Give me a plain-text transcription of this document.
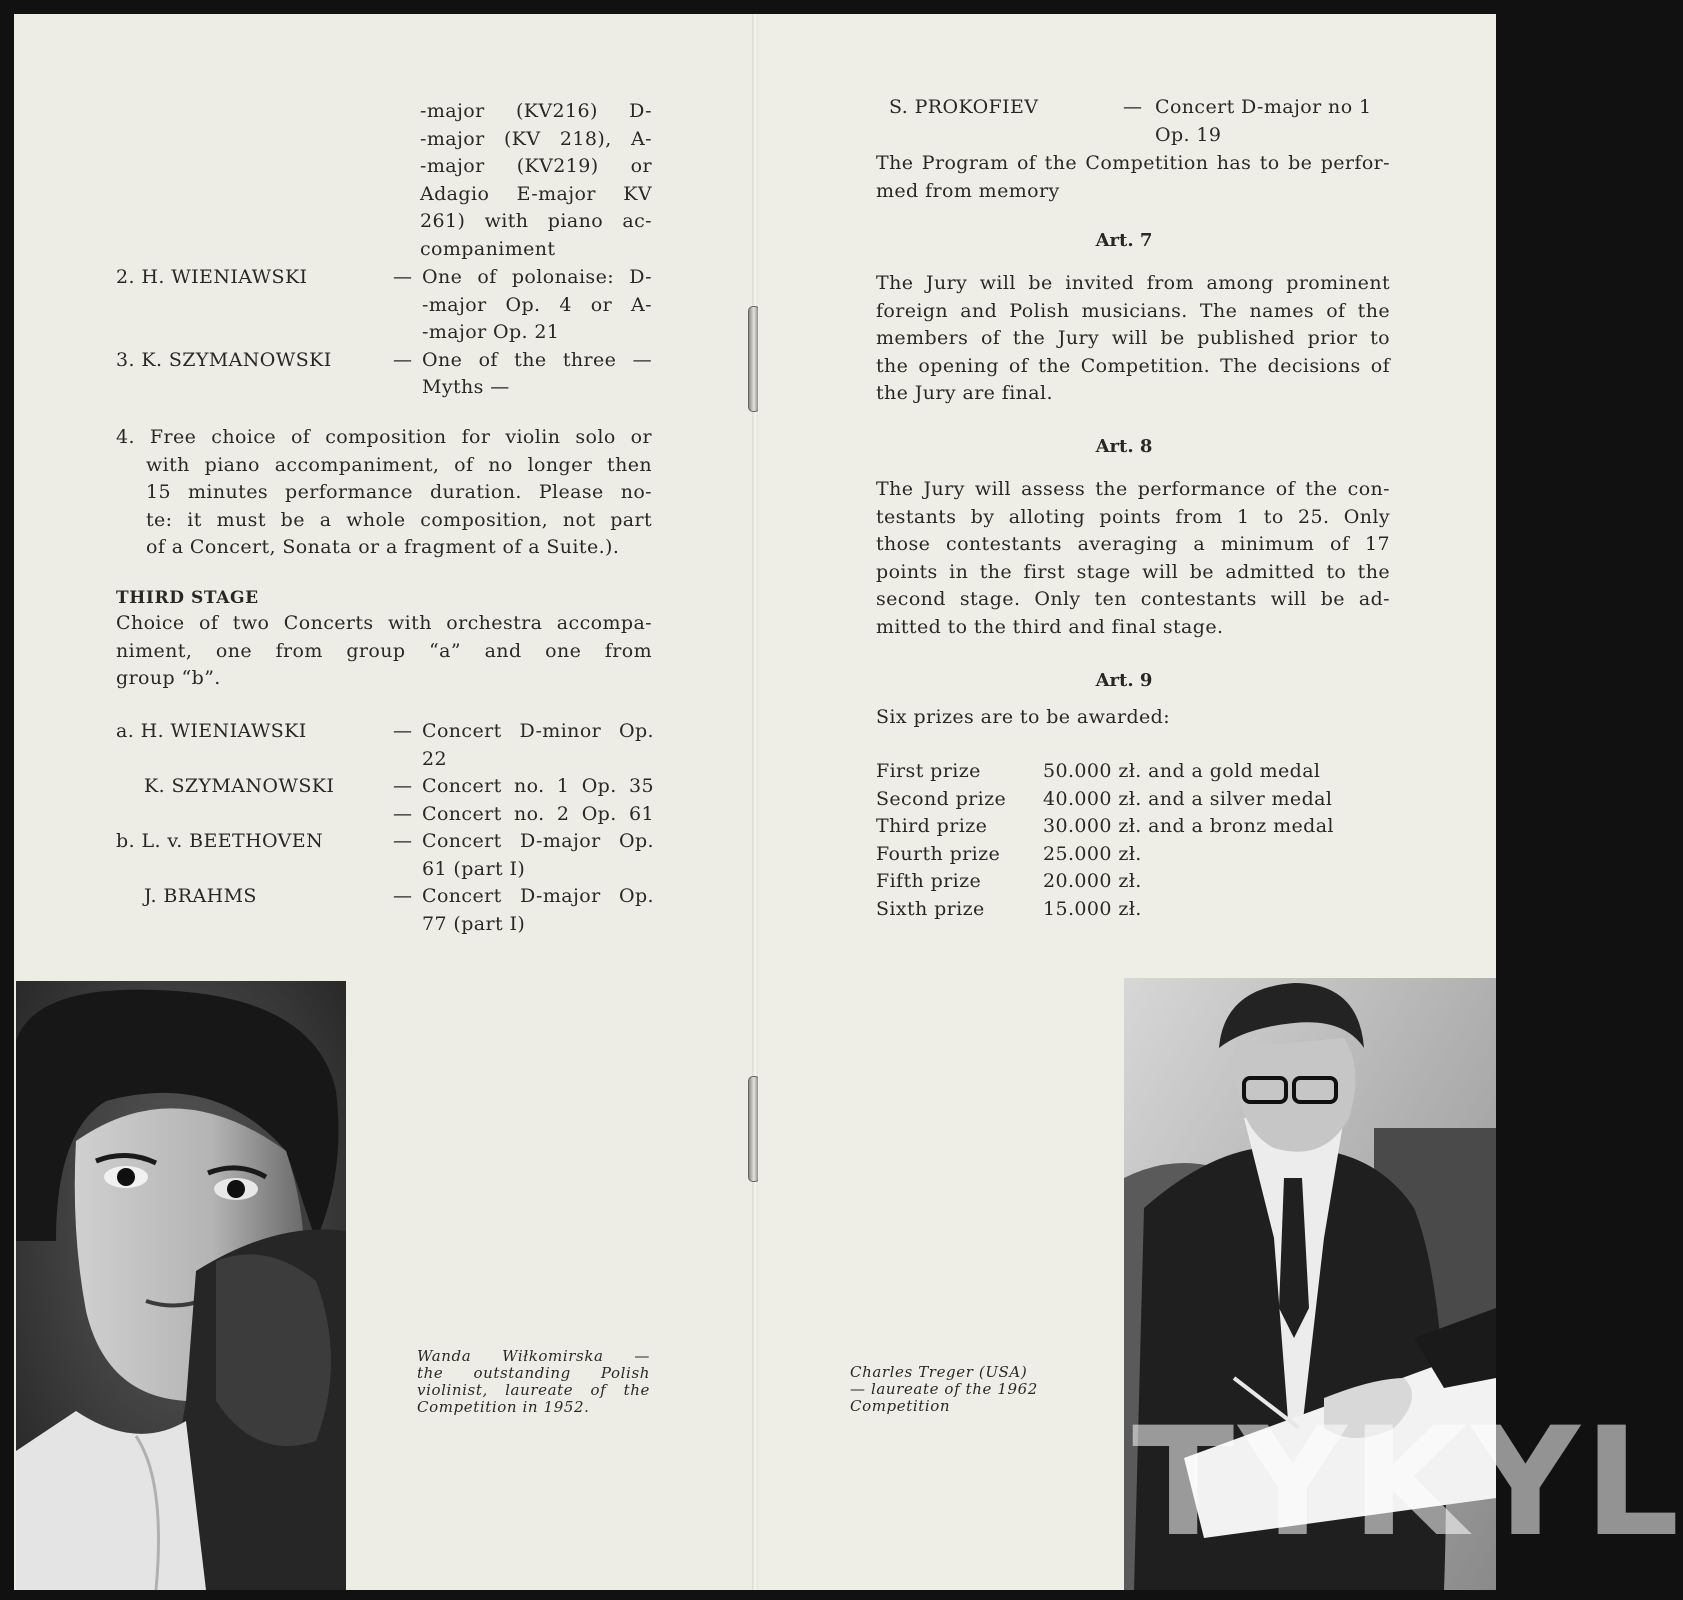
-major (KV216) D-
-major (KV 218), A-
-major (KV219) or
Adagio E-major KV
261) with piano ac-
companiment
2. H. WIENIAWSKI	— One of polonaise: D-
-major Op. 4 or A-
-major Op. 21
3. K. SZYMANOWSKI	— One of the three —
Myths —
4. Free choice of composition for violin solo or
with piano accompaniment, of no longer then
15 minutes performance duration. Please no-
te: it must be a whole composition, not part
of a Concert, Sonata or a fragment of a Suite.).
THIRD STAGE
Choice of two Concerts with orchestra accompa-
niment, one from group “a” and one from
group “b”.
a. H. WIENIAWSKI	— Concert D-minor Op.
22
K. SZYMANOWSKI	— Concert no. 1 Op. 35
— Concert no. 2 Op. 61
b. L. v. BEETHOVEN	— Concert D-major Op.
61 (part I)
J. BRAHMS	— Concert D-major Op.
77 (part I)
Wanda Wiłkomirska —
the outstanding Polish
violinist, laureate of the
Competition in 1952.
S. PROKOFIEV	— Concert D-major no 1
Op. 19
The Program of the Competition has to be perfor-
med from memory
Art. 7
The Jury will be invited from among prominent
foreign and Polish musicians. The names of the
members of the Jury will be published prior to
the opening of the Competition. The decisions of
the Jury are final.
Art. 8
The Jury will assess the performance of the con-
testants by alloting points from 1 to 25. Only
those contestants averaging a minimum of 17
points in the first stage will be admitted to the
second stage. Only ten contestants will be ad-
mitted to the third and final stage.
Art. 9
Six prizes are to be awarded:
First prize	50.000 zł. and a gold medal
Second prize 40.000 zł. and a silver medal
Third prize	30.000 zł. and a bronz medal
Fourth prize 25.000 zł.
Fifth prize	20.000 zł.
Sixth prize	15.000 zł.
TYKYL
Charles Treger (USA)
— laureate of the 1962
Competition
